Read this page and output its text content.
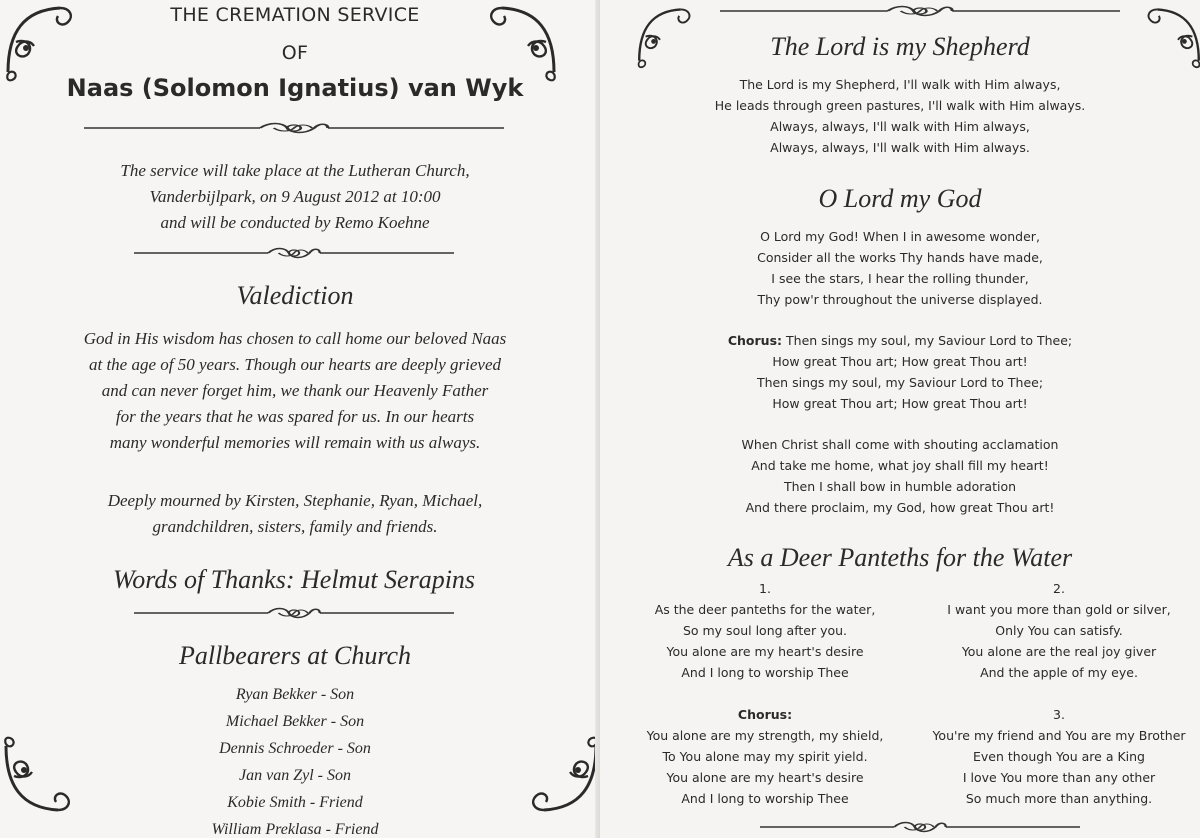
THE CREMATION SERVICE
OF
Naas (Solomon Ignatius) van Wyk
The service will take place at the Lutheran Church,
Vanderbijlpark, on 9 August 2012 at 10:00
and will be conducted by Remo Koehne
Valediction
God in His wisdom has chosen to call home our beloved Naas
at the age of 50 years. Though our hearts are deeply grieved
and can never forget him, we thank our Heavenly Father
for the years that he was spared for us. In our hearts
many wonderful memories will remain with us always.
Deeply mourned by Kirsten, Stephanie, Ryan, Michael,
grandchildren, sisters, family and friends.
Words of Thanks: Helmut Serapins
Pallbearers at Church
Ryan Bekker - Son
Michael Bekker - Son
Dennis Schroeder - Son
Jan van Zyl - Son
Kobie Smith - Friend
William Preklasa - Friend
The Lord is my Shepherd
The Lord is my Shepherd, I'll walk with Him always,
He leads through green pastures, I'll walk with Him always.
Always, always, I'll walk with Him always,
Always, always, I'll walk with Him always.
O Lord my God
O Lord my God! When I in awesome wonder,
Consider all the works Thy hands have made,
I see the stars, I hear the rolling thunder,
Thy pow'r throughout the universe displayed.
Chorus: Then sings my soul, my Saviour Lord to Thee;
How great Thou art; How great Thou art!
Then sings my soul, my Saviour Lord to Thee;
How great Thou art; How great Thou art!
When Christ shall come with shouting acclamation
And take me home, what joy shall fill my heart!
Then I shall bow in humble adoration
And there proclaim, my God, how great Thou art!
As a Deer Panteths for the Water
1.
As the deer panteths for the water,
So my soul long after you.
You alone are my heart's desire
And I long to worship Thee
2.
I want you more than gold or silver,
Only You can satisfy.
You alone are the real joy giver
And the apple of my eye.
Chorus:
You alone are my strength, my shield,
To You alone may my spirit yield.
You alone are my heart's desire
And I long to worship Thee
3.
You're my friend and You are my Brother
Even though You are a King
I love You more than any other
So much more than anything.
